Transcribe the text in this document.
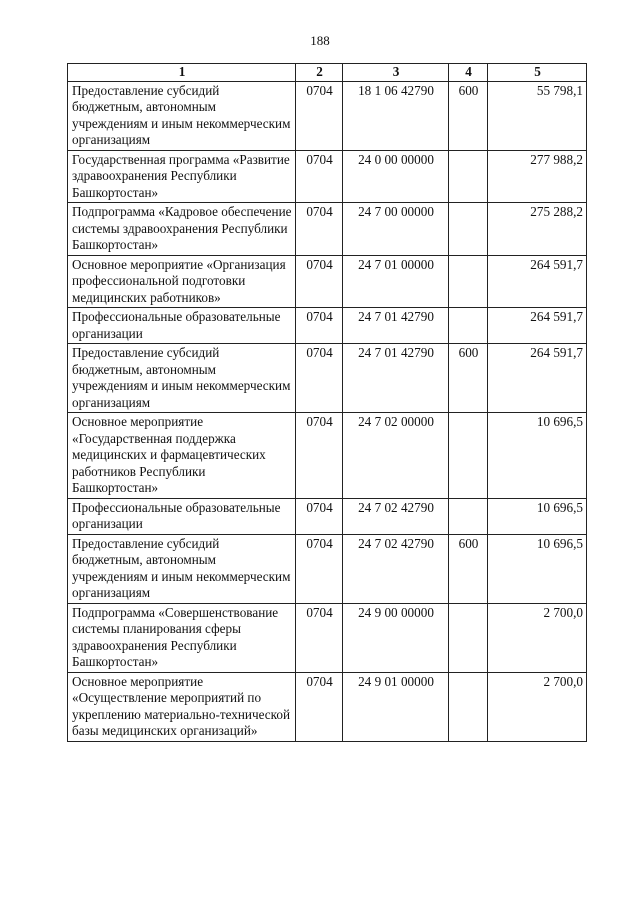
188
1	2	3	4	5
Предоставление субсидий бюджетным, автономным учреждениям и иным некоммерческим организациям	0704	18 1 06 42790	600	55 798,1
Государственная программа «Развитие здравоохранения Республики Башкортостан»	0704	24 0 00 00000		277 988,2
Подпрограмма «Кадровое обеспечение системы здравоохранения Республики Башкортостан»	0704	24 7 00 00000		275 288,2
Основное мероприятие «Организация профессиональной подготовки медицинских работников»	0704	24 7 01 00000		264 591,7
Профессиональные образовательные организации	0704	24 7 01 42790		264 591,7
Предоставление субсидий бюджетным, автономным учреждениям и иным некоммерческим организациям	0704	24 7 01 42790	600	264 591,7
Основное мероприятие «Государственная поддержка медицинских и фармацевтических работников Республики Башкортостан»	0704	24 7 02 00000		10 696,5
Профессиональные образовательные организации	0704	24 7 02 42790		10 696,5
Предоставление субсидий бюджетным, автономным учреждениям и иным некоммерческим организациям	0704	24 7 02 42790	600	10 696,5
Подпрограмма «Совершенствование системы планирования сферы здравоохранения Республики Башкортостан»	0704	24 9 00 00000		2 700,0
Основное мероприятие «Осуществление мероприятий по укреплению материально-технической базы медицинских организаций»	0704	24 9 01 00000		2 700,0
